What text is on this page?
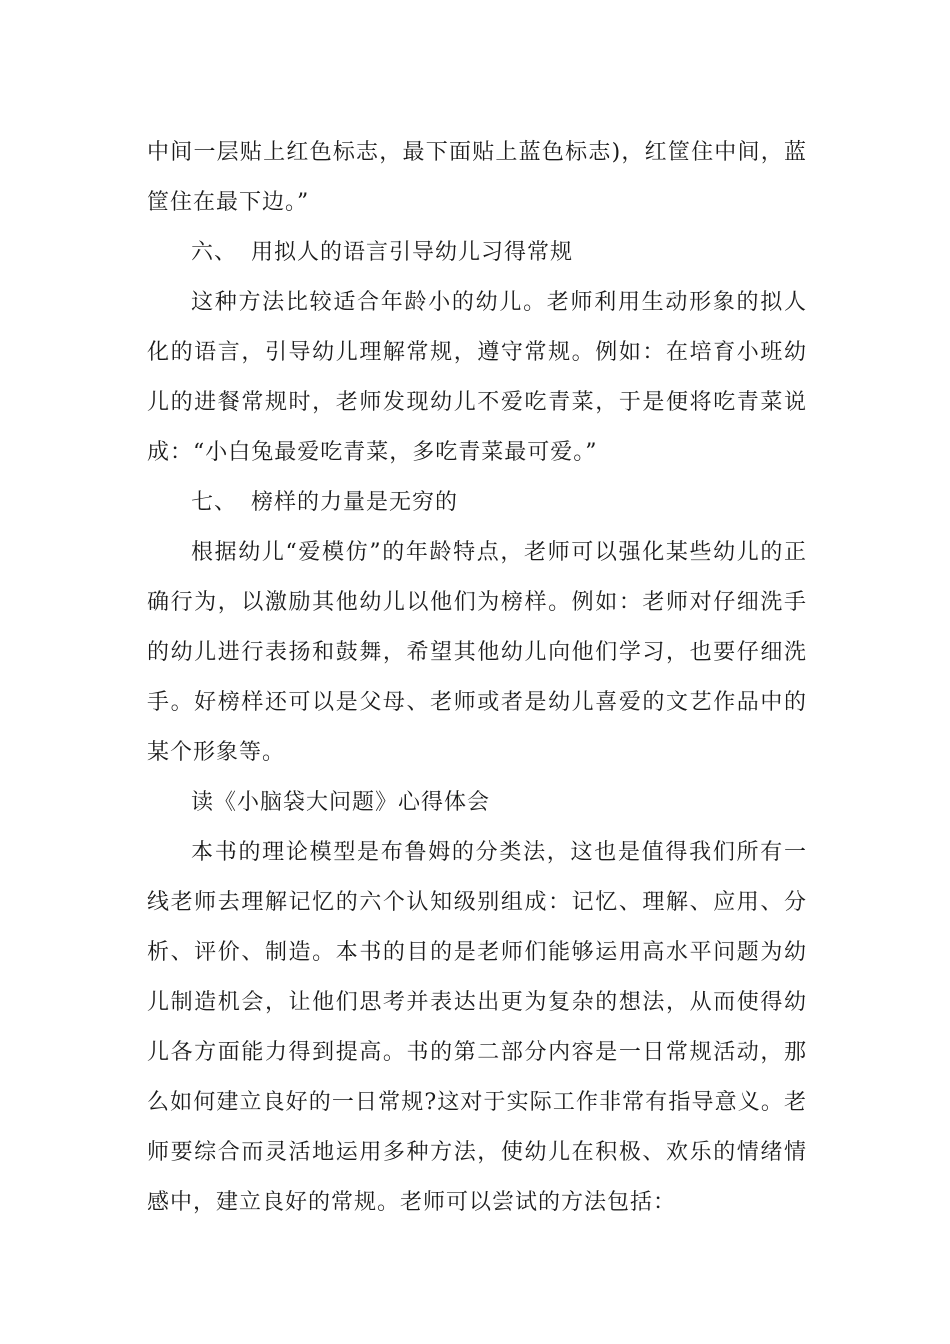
中间一层贴上红色标志，最下面贴上蓝色标志)，红筐住中间，蓝筐住在最下边。”

六、 用拟人的语言引导幼儿习得常规

这种方法比较适合年龄小的幼儿。老师利用生动形象的拟人化的语言，引导幼儿理解常规，遵守常规。例如：在培育小班幼儿的进餐常规时，老师发现幼儿不爱吃青菜，于是便将吃青菜说成：“小白兔最爱吃青菜，多吃青菜最可爱。”

七、 榜样的力量是无穷的

根据幼儿“爱模仿”的年龄特点，老师可以强化某些幼儿的正确行为，以激励其他幼儿以他们为榜样。例如：老师对仔细洗手的幼儿进行表扬和鼓舞，希望其他幼儿向他们学习，也要仔细洗手。好榜样还可以是父母、老师或者是幼儿喜爱的文艺作品中的某个形象等。

读《小脑袋大问题》心得体会

本书的理论模型是布鲁姆的分类法，这也是值得我们所有一线老师去理解记忆的六个认知级别组成：记忆、理解、应用、分析、评价、制造。本书的目的是老师们能够运用高水平问题为幼儿制造机会，让他们思考并表达出更为复杂的想法，从而使得幼儿各方面能力得到提高。书的第二部分内容是一日常规活动，那么如何建立良好的一日常规?这对于实际工作非常有指导意义。老师要综合而灵活地运用多种方法，使幼儿在积极、欢乐的情绪情感中，建立良好的常规。老师可以尝试的方法包括：
